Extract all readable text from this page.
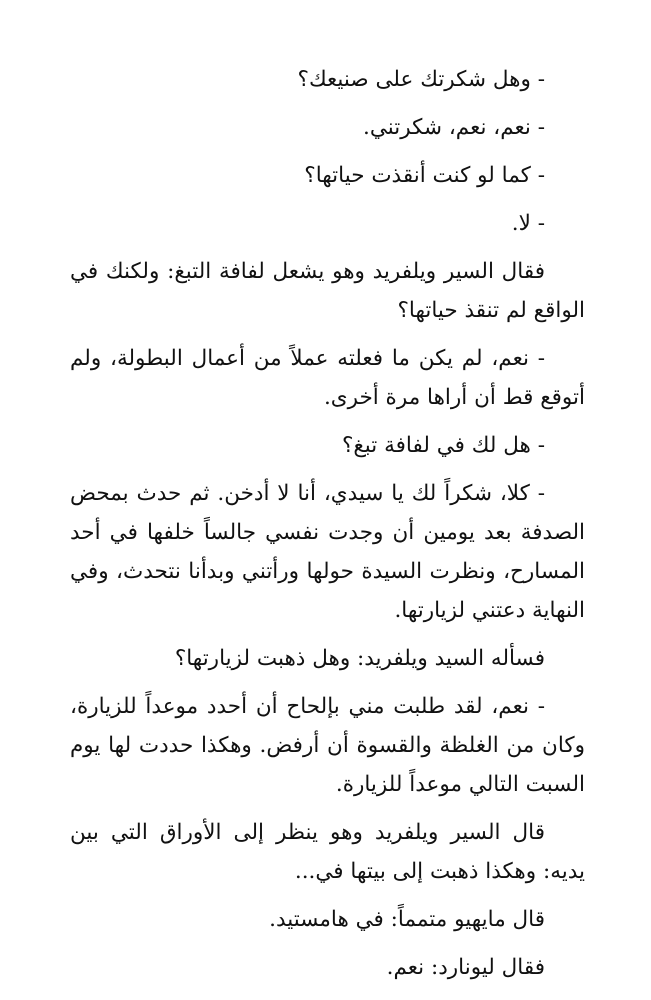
- وهل شكرتك على صنيعك؟

- نعم، نعم، شكرتني.

- كما لو كنت أنقذت حياتها؟

- لا.

فقال السير ويلفريد وهو يشعل لفافة التبغ: ولكنك في الواقع لم تنقذ حياتها؟

- نعم، لم يكن ما فعلته عملاً من أعمال البطولة، ولم أتوقع قط أن أراها مرة أخرى.

- هل لك في لفافة تبغ؟

- كلا، شكراً لك يا سيدي، أنا لا أدخن. ثم حدث بمحض الصدفة بعد يومين أن وجدت نفسي جالساً خلفها في أحد المسارح، ونظرت السيدة حولها ورأتني وبدأنا نتحدث، وفي النهاية دعتني لزيارتها.

فسأله السيد ويلفريد: وهل ذهبت لزيارتها؟

- نعم، لقد طلبت مني بإلحاح أن أحدد موعداً للزيارة، وكان من الغلظة والقسوة أن أرفض. وهكذا حددت لها يوم السبت التالي موعداً للزيارة.

قال السير ويلفريد وهو ينظر إلى الأوراق التي بين يديه: وهكذا ذهبت إلى بيتها في...

قال مايهيو متمماً: في هامستيد.

فقال ليونارد: نعم.
